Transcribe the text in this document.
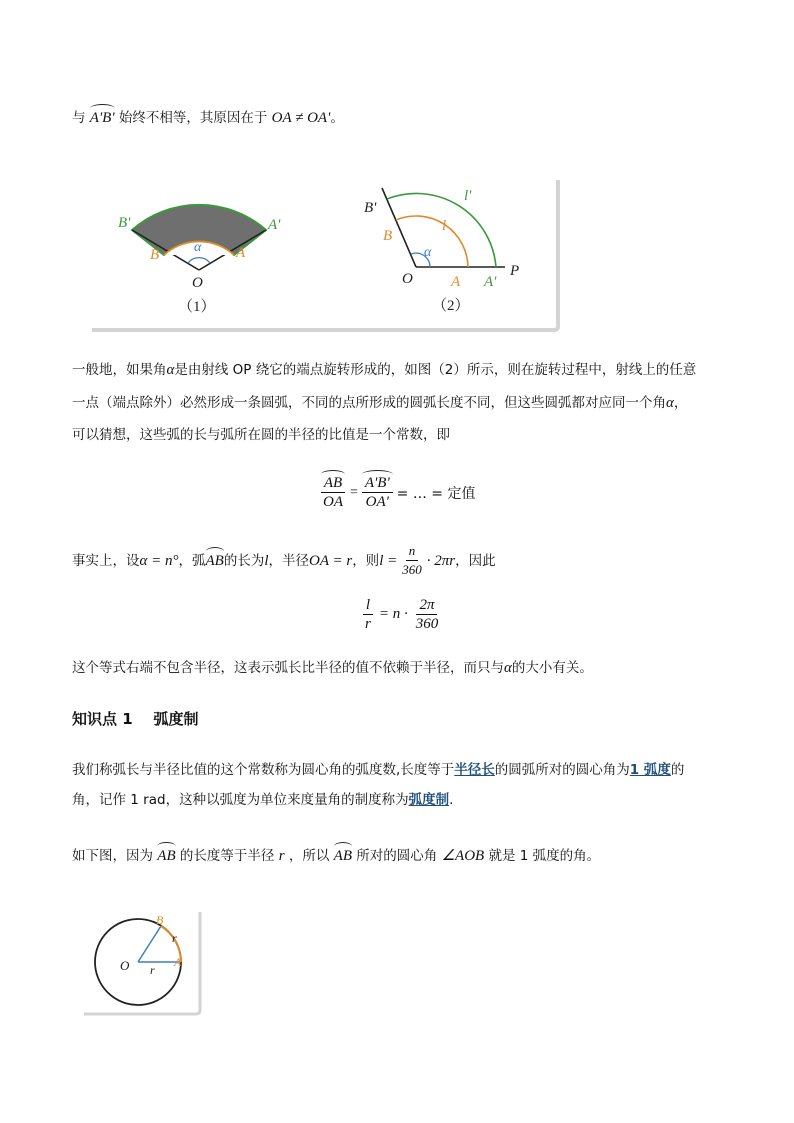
与 A'B' 始终不相等，其原因在于 OA ≠ OA'。
B'	A'
B	A
α
O
（1）
B'
B
l
l'
α
O	A A'
P
（2）
一般地，如果角α是由射线 OP 绕它的端点旋转形成的，如图（2）所示，则在旋转过程中，射线上的任意
一点（端点除外）必然形成一条圆弧，不同的点所形成的圆弧长度不同，但这些圆弧都对应同一个角α，
可以猜想，这些弧的长与弧所在圆的半径的比值是一个常数，即
$\frac{AB}{OA} = \frac{A'B'}{OA'}$ = … = 定值
事实上，设 α = n° ，弧 AB 的长为 l ，半径 OA = r ，则 $l = \frac{n}{360} \cdot 2\pi r$ ，因此
$\frac{l}{r} = n \cdot \frac{2\pi}{360}$
这个等式右端不包含半径，这表示弧长比半径的值不依赖于半径，而只与α的大小有关。
知识点 1    弧度制
我们称弧长与半径比值的这个常数称为圆心角的弧度数,长度等于半径长的圆弧所对的圆心角为1 弧度的
角，记作 1 rad，这种以弧度为单位来度量角的制度称为弧度制.
如下图，因为 AB 的长度等于半径 r ，所以 AB 所对的圆心角 ∠AOB 就是 1 弧度的角。
O	A
B
r
r
